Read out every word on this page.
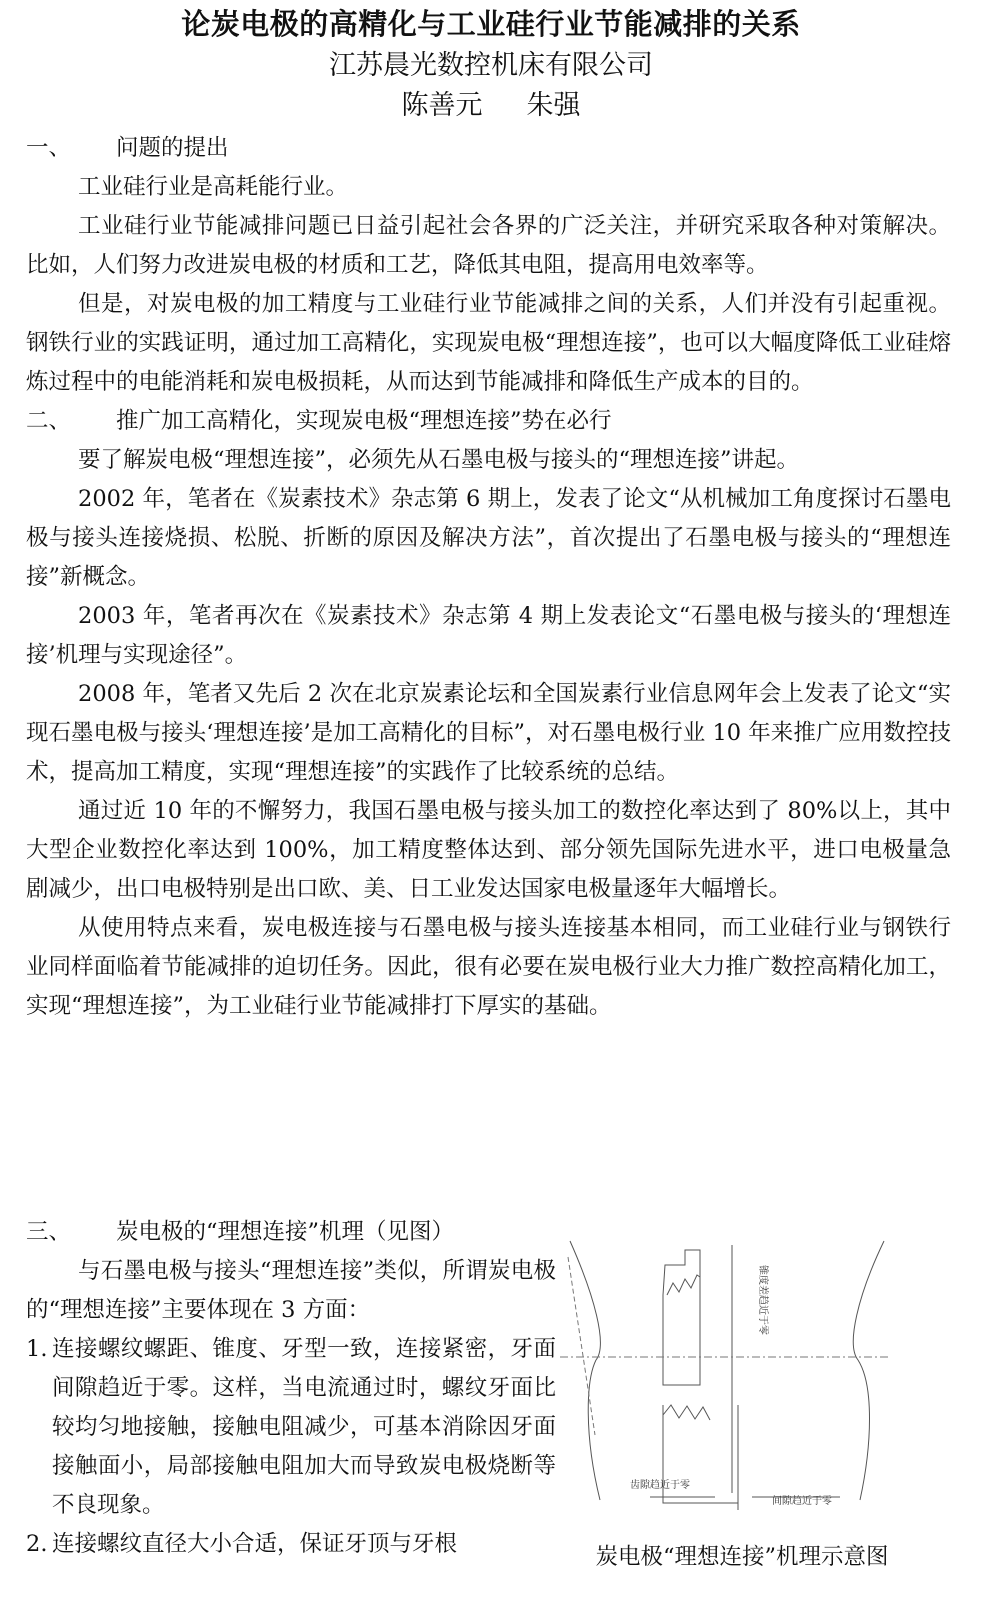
论炭电极的高精化与工业硅行业节能减排的关系
江苏晨光数控机床有限公司
陈善元 朱强
一、 问题的提出

工业硅行业是高耗能行业。

工业硅行业节能减排问题已日益引起社会各界的广泛关注，并研究采取各种对策解决。比如，人们努力改进炭电极的材质和工艺，降低其电阻，提高用电效率等。

但是，对炭电极的加工精度与工业硅行业节能减排之间的关系，人们并没有引起重视。钢铁行业的实践证明，通过加工高精化，实现炭电极“理想连接”，也可以大幅度降低工业硅熔炼过程中的电能消耗和炭电极损耗，从而达到节能减排和降低生产成本的目的。

二、 推广加工高精化，实现炭电极“理想连接”势在必行

要了解炭电极“理想连接”，必须先从石墨电极与接头的“理想连接”讲起。

2002 年，笔者在《炭素技术》杂志第 6 期上，发表了论文“从机械加工角度探讨石墨电极与接头连接烧损、松脱、折断的原因及解决方法”，首次提出了石墨电极与接头的“理想连接”新概念。

2003 年，笔者再次在《炭素技术》杂志第 4 期上发表论文“石墨电极与接头的‘理想连接’机理与实现途径”。

2008 年，笔者又先后 2 次在北京炭素论坛和全国炭素行业信息网年会上发表了论文“实现石墨电极与接头‘理想连接’是加工高精化的目标”，对石墨电极行业 10 年来推广应用数控技术，提高加工精度，实现“理想连接”的实践作了比较系统的总结。

通过近 10 年的不懈努力，我国石墨电极与接头加工的数控化率达到了 80%以上，其中大型企业数控化率达到 100%，加工精度整体达到、部分领先国际先进水平，进口电极量急剧减少，出口电极特别是出口欧、美、日工业发达国家电极量逐年大幅增长。

从使用特点来看，炭电极连接与石墨电极与接头连接基本相同，而工业硅行业与钢铁行业同样面临着节能减排的迫切任务。因此，很有必要在炭电极行业大力推广数控高精化加工，实现“理想连接”，为工业硅行业节能减排打下厚实的基础。

三、 炭电极的“理想连接”机理（见图）

与石墨电极与接头“理想连接”类似，所谓炭电极的“理想连接”主要体现在 3 方面：

1. 连接螺纹螺距、锥度、牙型一致，连接紧密，牙面间隙趋近于零。这样，当电流通过时，螺纹牙面比较均匀地接触，接触电阻减少，可基本消除因牙面接触面小，局部接触电阻加大而导致炭电极烧断等不良现象。

2. 连接螺纹直径大小合适，保证牙顶与牙根

锥度差趋近于零
齿隙趋近于零
间隙趋近于零
炭电极“理想连接”机理示意图
